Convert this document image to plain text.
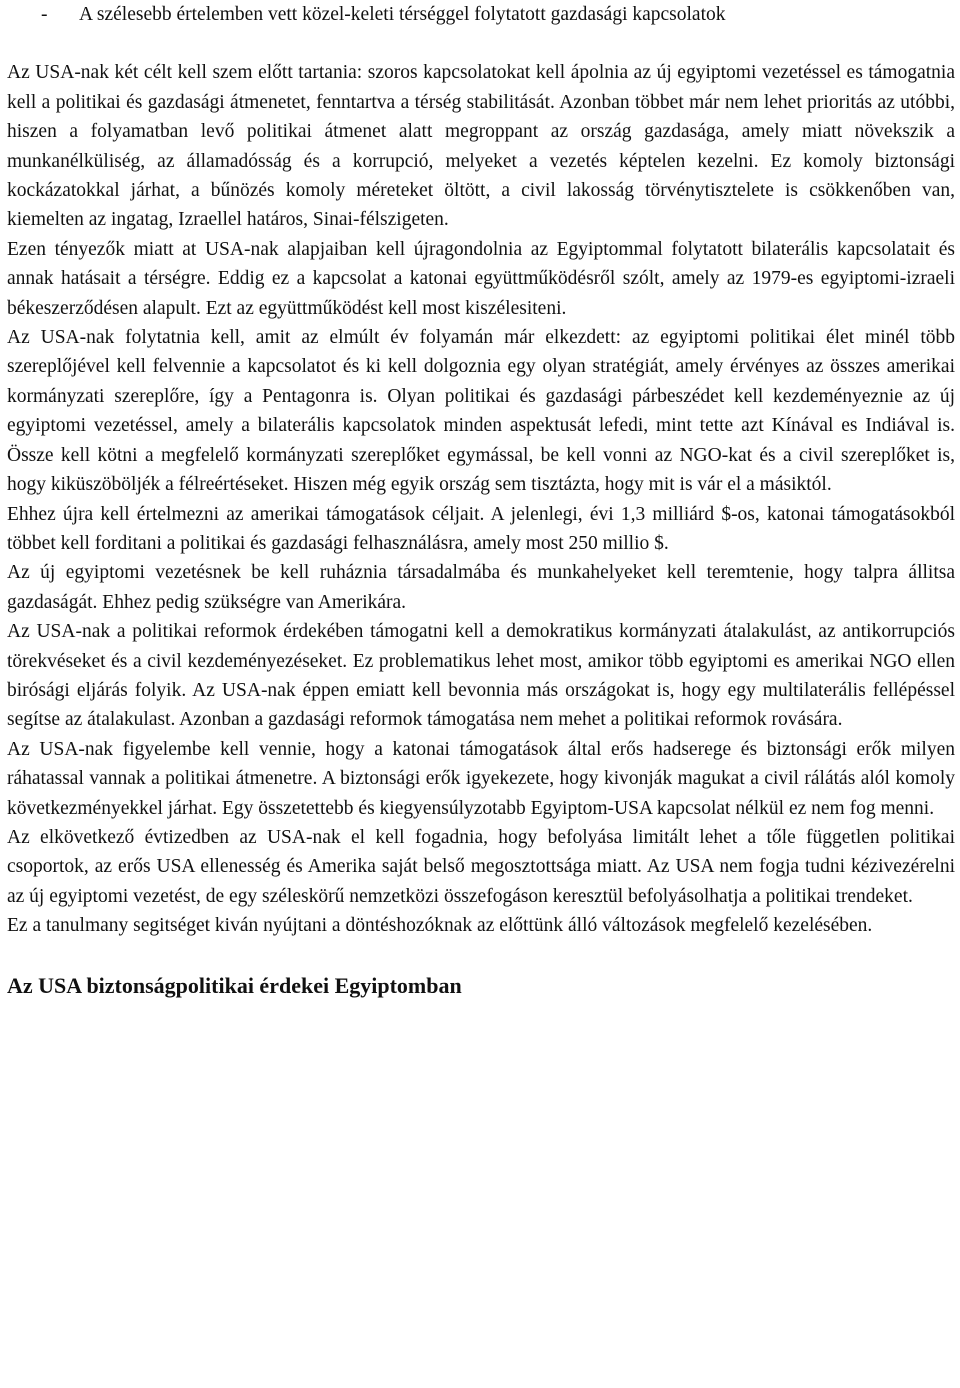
- A szélesebb értelemben vett közel-keleti térséggel folytatott gazdasági kapcsolatok

Az USA-nak két célt kell szem előtt tartania: szoros kapcsolatokat kell ápolnia az új egyiptomi vezetéssel es támogatnia kell a politikai és gazdasági átmenetet, fenntartva a térség stabilitását. Azonban többet már nem lehet prioritás az utóbbi, hiszen a folyamatban levő politikai átmenet alatt megroppant az ország gazdasága, amely miatt növekszik a munkanélküliség, az államadósság és a korrupció, melyeket a vezetés képtelen kezelni. Ez komoly biztonsági kockázatokkal járhat, a bűnözés komoly méreteket öltött, a civil lakosság törvénytisztelete is csökkenőben van, kiemelten az ingatag, Izraellel határos, Sinai-félszigeten.

Ezen tényezők miatt at USA-nak alapjaiban kell újragondolnia az Egyiptommal folytatott bilaterális kapcsolatait és annak hatásait a térségre. Eddig ez a kapcsolat a katonai együttműködésről szólt, amely az 1979-es egyiptomi-izraeli békeszerződésen alapult. Ezt az együttműködést kell most kiszélesiteni.

Az USA-nak folytatnia kell, amit az elmúlt év folyamán már elkezdett: az egyiptomi politikai élet minél több szereplőjével kell felvennie a kapcsolatot és ki kell dolgoznia egy olyan stratégiát, amely érvényes az összes amerikai kormányzati szereplőre, így a Pentagonra is. Olyan politikai és gazdasági párbeszédet kell kezdeményeznie az új egyiptomi vezetéssel, amely a bilaterális kapcsolatok minden aspektusát lefedi, mint tette azt Kínával es Indiával is. Össze kell kötni a megfelelő kormányzati szereplőket egymással, be kell vonni az NGO-kat és a civil szereplőket is, hogy kiküszöböljék a félreértéseket. Hiszen még egyik ország sem tisztázta, hogy mit is vár el a másiktól.

Ehhez újra kell értelmezni az amerikai támogatások céljait. A jelenlegi, évi 1,3 milliárd $-os, katonai támogatásokból többet kell forditani a politikai és gazdasági felhasználásra, amely most 250 millio $.

Az új egyiptomi vezetésnek be kell ruháznia társadalmába és munkahelyeket kell teremtenie, hogy talpra állitsa gazdaságát. Ehhez pedig szükségre van Amerikára.

Az USA-nak a politikai reformok érdekében támogatni kell a demokratikus kormányzati átalakulást, az antikorrupciós törekvéseket és a civil kezdeményezéseket. Ez problematikus lehet most, amikor több egyiptomi es amerikai NGO ellen birósági eljárás folyik. Az USA-nak éppen emiatt kell bevonnia más országokat is, hogy egy multilaterális fellépéssel segítse az átalakulast. Azonban a gazdasági reformok támogatása nem mehet a politikai reformok rovására.

Az USA-nak figyelembe kell vennie, hogy a katonai támogatások által erős hadserege és biztonsági erők milyen ráhatassal vannak a politikai átmenetre. A biztonsági erők igyekezete, hogy kivonják magukat a civil rálátás alól komoly következményekkel járhat. Egy összetettebb és kiegyensúlyzotabb Egyiptom-USA kapcsolat nélkül ez nem fog menni.

Az elkövetkező évtizedben az USA-nak el kell fogadnia, hogy befolyása limitált lehet a tőle független politikai csoportok, az erős USA ellenesség és Amerika saját belső megosztottsága miatt. Az USA nem fogja tudni kézivezérelni az új egyiptomi vezetést, de egy széleskörű nemzetközi összefogáson keresztül befolyásolhatja a politikai trendeket.

Ez a tanulmany segitséget kiván nyújtani a döntéshozóknak az előttünk álló változások megfelelő kezelésében.

Az USA biztonságpolitikai érdekei Egyiptomban
